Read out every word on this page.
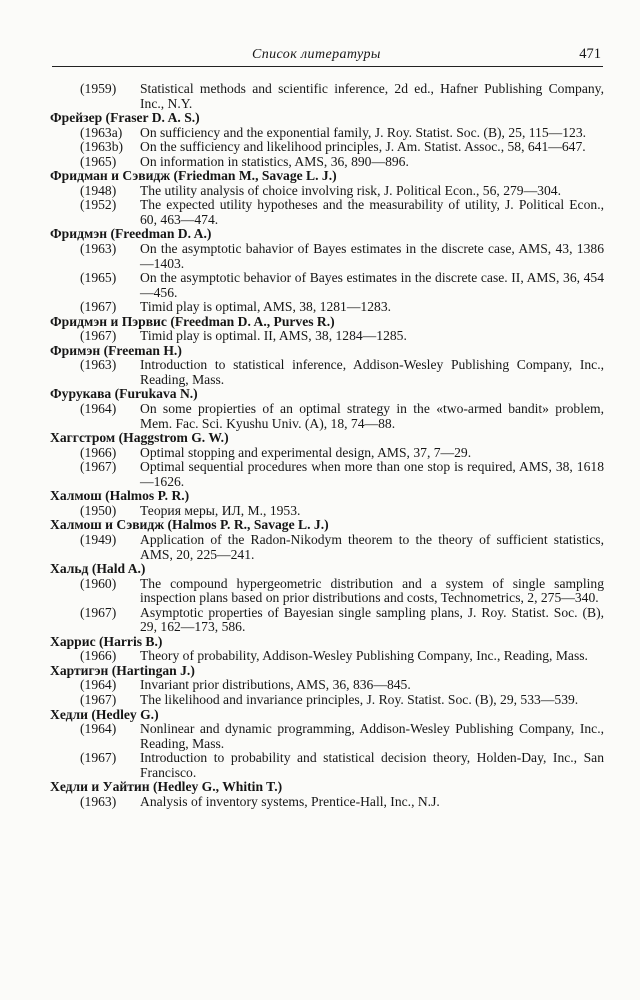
Список литературы	471
(1959) Statistical methods and scientific inference, 2d ed., Hafner Publishing Company, Inc., N.Y.
Фрейзер (Fraser D. A. S.)
(1963a) On sufficiency and the exponential family, J. Roy. Statist. Soc. (B), 25, 115—123.
(1963b) On the sufficiency and likelihood principles, J. Am. Statist. Assoc., 58, 641—647.
(1965) On information in statistics, AMS, 36, 890—896.
Фридман и Сэвидж (Friedman M., Savage L. J.)
(1948) The utility analysis of choice involving risk, J. Political Econ., 56, 279—304.
(1952) The expected utility hypotheses and the measurability of utility, J. Political Econ., 60, 463—474.
Фридмэн (Freedman D. A.)
(1963) On the asymptotic bahavior of Bayes estimates in the discrete case, AMS, 43, 1386—1403.
(1965) On the asymptotic behavior of Bayes estimates in the discrete case. II, AMS, 36, 454—456.
(1967) Timid play is optimal, AMS, 38, 1281—1283.
Фридмэн и Пэрвис (Freedman D. A., Purves R.)
(1967) Timid play is optimal. II, AMS, 38, 1284—1285.
Фримэн (Freeman H.)
(1963) Introduction to statistical inference, Addison-Wesley Publishing Company, Inc., Reading, Mass.
Фурукава (Furukava N.)
(1964) On some propierties of an optimal strategy in the «two-armed bandit» problem, Mem. Fac. Sci. Kyushu Univ. (A), 18, 74—88.
Хаггстром (Haggstrom G. W.)
(1966) Optimal stopping and experimental design, AMS, 37, 7—29.
(1967) Optimal sequential procedures when more than one stop is required, AMS, 38, 1618—1626.
Халмош (Halmos P. R.)
(1950) Теория меры, ИЛ, М., 1953.
Халмош и Сэвидж (Halmos P. R., Savage L. J.)
(1949) Application of the Radon-Nikodym theorem to the theory of sufficient statistics, AMS, 20, 225—241.
Хальд (Hald A.)
(1960) The compound hypergeometric distribution and a system of single sampling inspection plans based on prior distributions and costs, Technometrics, 2, 275—340.
(1967) Asymptotic properties of Bayesian single sampling plans, J. Roy. Statist. Soc. (B), 29, 162—173, 586.
Харрис (Harris B.)
(1966) Theory of probability, Addison-Wesley Publishing Company, Inc., Reading, Mass.
Хартигэн (Hartingan J.)
(1964) Invariant prior distributions, AMS, 36, 836—845.
(1967) The likelihood and invariance principles, J. Roy. Statist. Soc. (B), 29, 533—539.
Хедли (Hedley G.)
(1964) Nonlinear and dynamic programming, Addison-Wesley Publishing Company, Inc., Reading, Mass.
(1967) Introduction to probability and statistical decision theory, Holden-Day, Inc., San Francisco.
Хедли и Уайтин (Hedley G., Whitin T.)
(1963) Analysis of inventory systems, Prentice-Hall, Inc., N.J.
